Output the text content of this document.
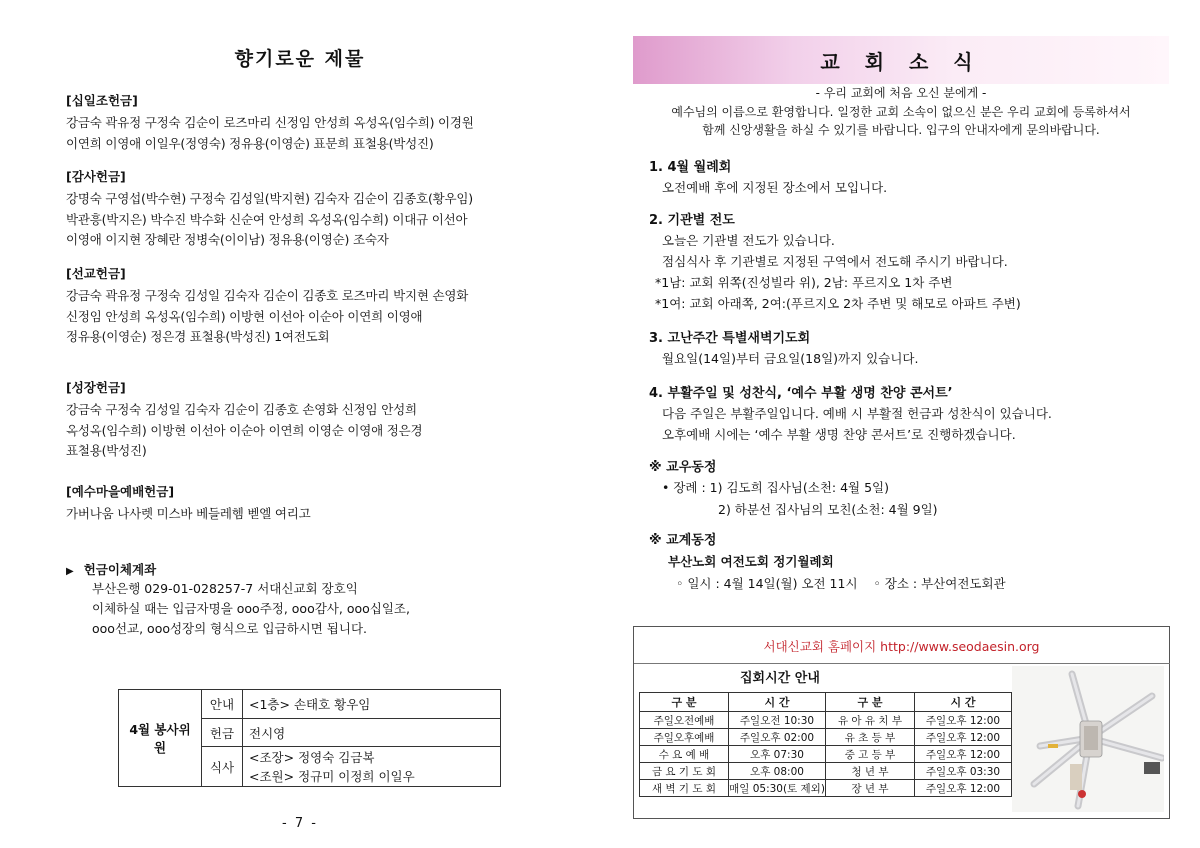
향기로운 제물
[십일조헌금]
강금숙 곽유정 구정숙 김순이 로즈마리 신정임 안성희 옥성옥(임수희) 이경원
이연희 이영애 이일우(정영숙) 정유용(이영순) 표문희 표철용(박성진)
[감사헌금]
강명숙 구영섭(박수현) 구정숙 김성일(박지현) 김숙자 김순이 김종호(황우임)
박관흥(박지은) 박수진 박수화 신순여 안성희 옥성옥(임수희) 이대규 이선아
이영애 이지현 장혜란 정병숙(이이남) 정유용(이영순) 조숙자
[선교헌금]
강금숙 곽유정 구정숙 김성일 김숙자 김순이 김종호 로즈마리 박지현 손영화
신정임 안성희 옥성옥(임수희) 이방현 이선아 이순아 이연희 이영애
정유용(이영순) 정은경 표철용(박성진) 1여전도회
[성장헌금]
강금숙 구정숙 김성일 김숙자 김순이 김종호 손영화 신정임 안성희
옥성옥(임수희) 이방현 이선아 이순아 이연희 이영순 이영애 정은경
표철용(박성진)
[예수마을예배헌금]
가버나움 나사렛 미스바 베들레헴 벧엘 여리고
▶ 헌금이체계좌
부산은행 029-01-028257-7 서대신교회 장호익
이체하실 때는 입금자명을 ooo주정, ooo감사, ooo십일조,
ooo선교, ooo성장의 형식으로 입금하시면 됩니다.
4월 봉사위원	안내	<1층> 손태호 황우임
	헌금	전시영
	식사	<조장> 정영숙 김금복
		<조원> 정규미 이정희 이일우
- 7 -
교 회 소 식
- 우리 교회에 처음 오신 분에게 -
예수님의 이름으로 환영합니다. 일정한 교회 소속이 없으신 분은 우리 교회에 등록하셔서
함께 신앙생활을 하실 수 있기를 바랍니다. 입구의 안내자에게 문의바랍니다.
1. 4월 월례회
오전예배 후에 지정된 장소에서 모입니다.
2. 기관별 전도
오늘은 기관별 전도가 있습니다.
점심식사 후 기관별로 지정된 구역에서 전도해 주시기 바랍니다.
*1남: 교회 위쪽(진성빌라 위), 2남: 푸르지오 1차 주변
*1여: 교회 아래쪽, 2여:(푸르지오 2차 주변 및 해모로 아파트 주변)
3. 고난주간 특별새벽기도회
월요일(14일)부터 금요일(18일)까지 있습니다.
4. 부활주일 및 성찬식, ‘예수 부활 생명 찬양 콘서트’
다음 주일은 부활주일입니다. 예배 시 부활절 헌금과 성찬식이 있습니다.
오후예배 시에는 ‘예수 부활 생명 찬양 콘서트’로 진행하겠습니다.
※ 교우동정
• 장례 : 1) 김도희 집사님(소천: 4월 5일)
2) 하분선 집사님의 모친(소천: 4월 9일)
※ 교계동정
부산노회 여전도회 정기월례회
◦ 일시 : 4월 14일(월) 오전 11시    ◦ 장소 : 부산여전도회관
서대신교회 홈페이지 http://www.seodaesin.org
집회시간 안내
구 분	시 간	구 분	시 간
주일오전예배	주일오전 10:30	유 아 유 치 부	주일오후 12:00
주일오후예배	주일오후 02:00	유 초 등 부	주일오후 12:00
수 요 예 배	오후 07:30	중 고 등 부	주일오후 12:00
금 요 기 도 회	오후 08:00	청 년 부	주일오후 03:30
새 벽 기 도 회	매일 05:30(토 제외)	장 년 부	주일오후 12:00
